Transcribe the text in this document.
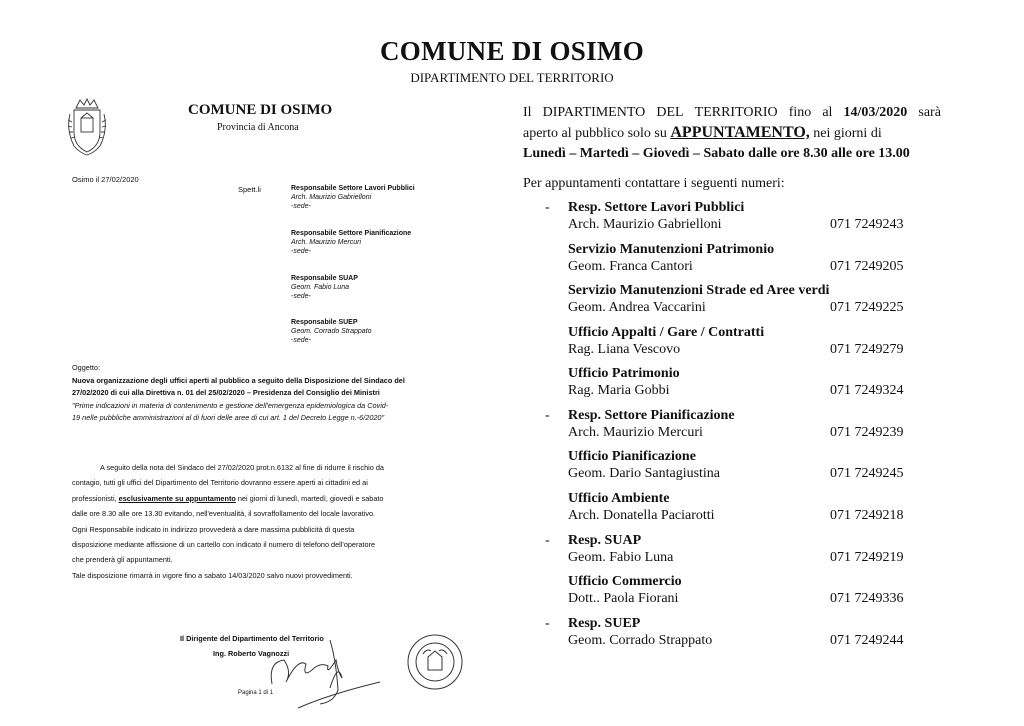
COMUNE DI OSIMO
DIPARTIMENTO DEL TERRITORIO
COMUNE DI OSIMO
Provincia di Ancona
Osimo il 27/02/2020
Spett.li	Responsabile Settore Lavori Pubblici
Arch. Maurizio Gabrielloni
-sede-
Responsabile Settore Pianificazione
Arch. Maurizio Mercuri
-sede-
Responsabile SUAP
Geom. Fabio Luna
-sede-
Responsabile SUEP
Geom. Corrado Strappato
-sede-
Oggetto:
Nuova organizzazione degli uffici aperti al pubblico a seguito della Disposizione del Sindaco del
27/02/2020 di cui alla Direttiva n. 01 del 25/02/2020 – Presidenza del Consiglio dei Ministri
"Prime indicazioni in materia di contenimento e gestione dell'emergenza epidemiologica da Covid-
19 nelle pubbliche amministrazioni al di fuori delle aree di cui art. 1 del Decreto Legge n.-6/2020"
A seguito della nota del Sindaco del 27/02/2020 prot.n.6132 al fine di ridurre il rischio da
contagio, tutti gli uffici del Dipartimento del Territorio dovranno essere aperti ai cittadini ed ai
professionisti, esclusivamente su appuntamento nei giorni di lunedì, martedì, giovedì e sabato
dalle ore 8.30 alle ore 13.30 evitando, nell'eventualità, il sovraffollamento del locale lavorativo.
Ogni Responsabile indicato in indirizzo provvederà a dare massima pubblicità di questa
disposizione mediante affissione di un cartello con indicato il numero di telefono dell'operatore
che prenderà gli appuntamenti.
Tale disposizione rimarrà in vigore fino a sabato 14/03/2020 salvo nuovi provvedimenti.
Il Dirigente del Dipartimento del Territorio
Ing. Roberto Vagnozzi
Pagina 1 di 1
Il DIPARTIMENTO DEL TERRITORIO fino al 14/03/2020 sarà
aperto al pubblico solo su APPUNTAMENTO, nei giorni di
Lunedì – Martedì – Giovedì – Sabato dalle ore 8.30 alle ore 13.00
Per appuntamenti contattare i seguenti numeri:
- Resp. Settore Lavori Pubblici
Arch. Maurizio Gabrielloni	071 7249243
Servizio Manutenzioni Patrimonio
Geom. Franca Cantori	071 7249205
Servizio Manutenzioni Strade ed Aree verdi
Geom. Andrea Vaccarini	071 7249225
Ufficio Appalti / Gare / Contratti
Rag. Liana Vescovo	071 7249279
Ufficio Patrimonio
Rag. Maria Gobbi	071 7249324
- Resp. Settore Pianificazione
Arch. Maurizio Mercuri	071 7249239
Ufficio Pianificazione
Geom. Dario Santagiustina	071 7249245
Ufficio Ambiente
Arch. Donatella Paciarotti	071 7249218
- Resp. SUAP
Geom. Fabio Luna	071 7249219
Ufficio Commercio
Dott.. Paola Fiorani	071 7249336
- Resp. SUEP
Geom. Corrado Strappato	071 7249244
